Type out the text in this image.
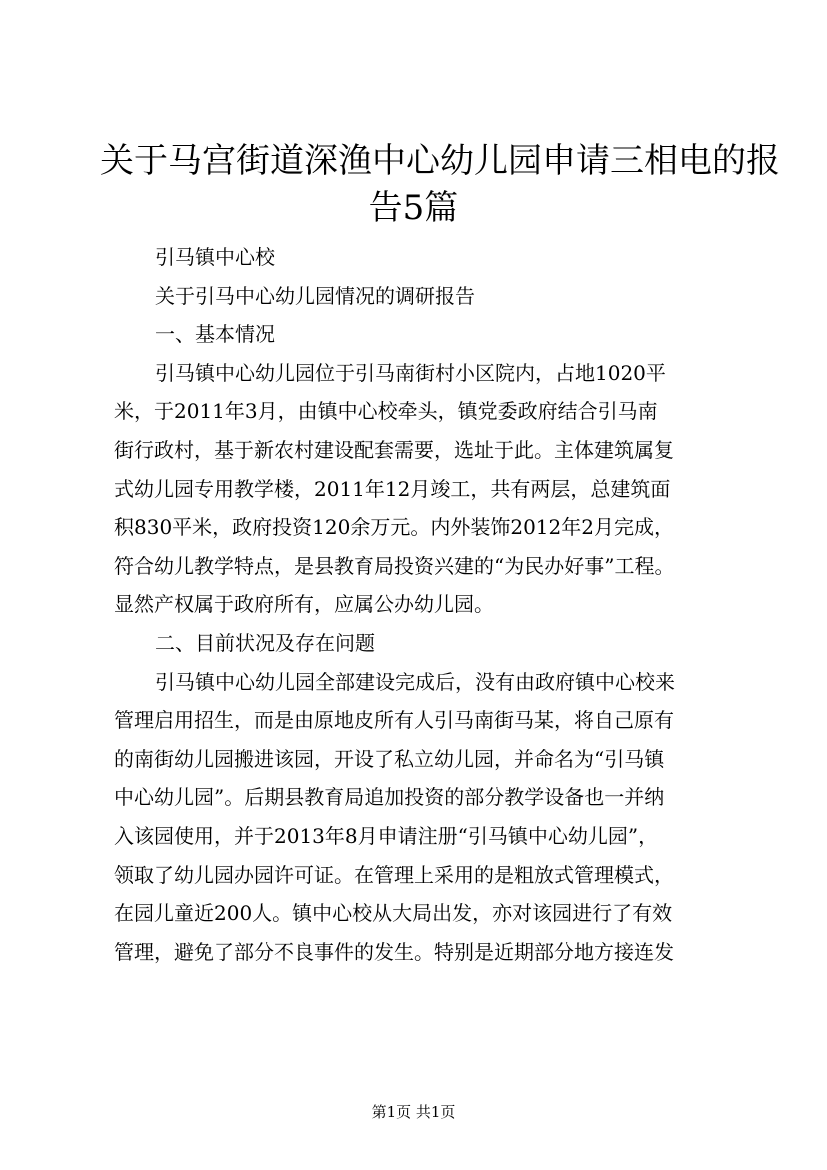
关于马宫街道深渔中心幼儿园申请三相电的报
告5篇
引马镇中心校
关于引马中心幼儿园情况的调研报告
一、基本情况
引马镇中心幼儿园位于引马南街村小区院内，占地1020平
米，于2011年3月，由镇中心校牵头，镇党委政府结合引马南
街行政村，基于新农村建设配套需要，选址于此。主体建筑属复
式幼儿园专用教学楼，2011年12月竣工，共有两层，总建筑面
积830平米，政府投资120余万元。内外装饰2012年2月完成，
符合幼儿教学特点，是县教育局投资兴建的“为民办好事”工程。
显然产权属于政府所有，应属公办幼儿园。
二、目前状况及存在问题
引马镇中心幼儿园全部建设完成后，没有由政府镇中心校来
管理启用招生，而是由原地皮所有人引马南街马某，将自己原有
的南街幼儿园搬进该园，开设了私立幼儿园，并命名为“引马镇
中心幼儿园”。后期县教育局追加投资的部分教学设备也一并纳
入该园使用，并于2013年8月申请注册“引马镇中心幼儿园”，
领取了幼儿园办园许可证。在管理上采用的是粗放式管理模式，
在园儿童近200人。镇中心校从大局出发，亦对该园进行了有效
管理，避免了部分不良事件的发生。特别是近期部分地方接连发
第1页 共1页
